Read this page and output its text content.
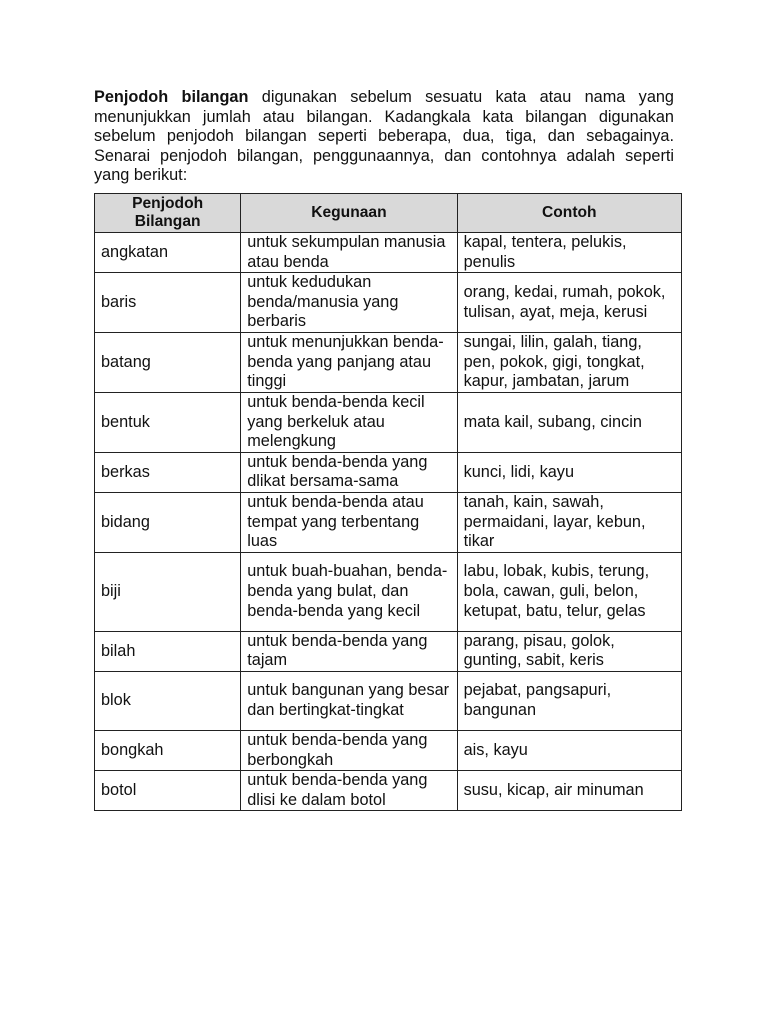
Penjodoh bilangan digunakan sebelum sesuatu kata atau nama yang menunjukkan jumlah atau bilangan. Kadangkala kata bilangan digunakan sebelum penjodoh bilangan seperti beberapa, dua, tiga, dan sebagainya. Senarai penjodoh bilangan, penggunaannya, dan contohnya adalah seperti yang berikut:

Penjodoh Bilangan	Kegunaan	Contoh
angkatan	untuk sekumpulan manusia atau benda	kapal, tentera, pelukis, penulis
baris	untuk kedudukan benda/manusia yang berbaris	orang, kedai, rumah, pokok, tulisan, ayat, meja, kerusi
batang	untuk menunjukkan benda-benda yang panjang atau tinggi	sungai, lilin, galah, tiang, pen, pokok, gigi, tongkat, kapur, jambatan, jarum
bentuk	untuk benda-benda kecil yang berkeluk atau melengkung	mata kail, subang, cincin
berkas	untuk benda-benda yang dlikat bersama-sama	kunci, lidi, kayu
bidang	untuk benda-benda atau tempat yang terbentang luas	tanah, kain, sawah, permaidani, layar, kebun, tikar
biji	untuk buah-buahan, benda-benda yang bulat, dan benda-benda yang kecil	labu, lobak, kubis, terung, bola, cawan, guli, belon, ketupat, batu, telur, gelas
bilah	untuk benda-benda yang tajam	parang, pisau, golok, gunting, sabit, keris
blok	untuk bangunan yang besar dan bertingkat-tingkat	pejabat, pangsapuri, bangunan
bongkah	untuk benda-benda yang berbongkah	ais, kayu
botol	untuk benda-benda yang dlisi ke dalam botol	susu, kicap, air minuman
